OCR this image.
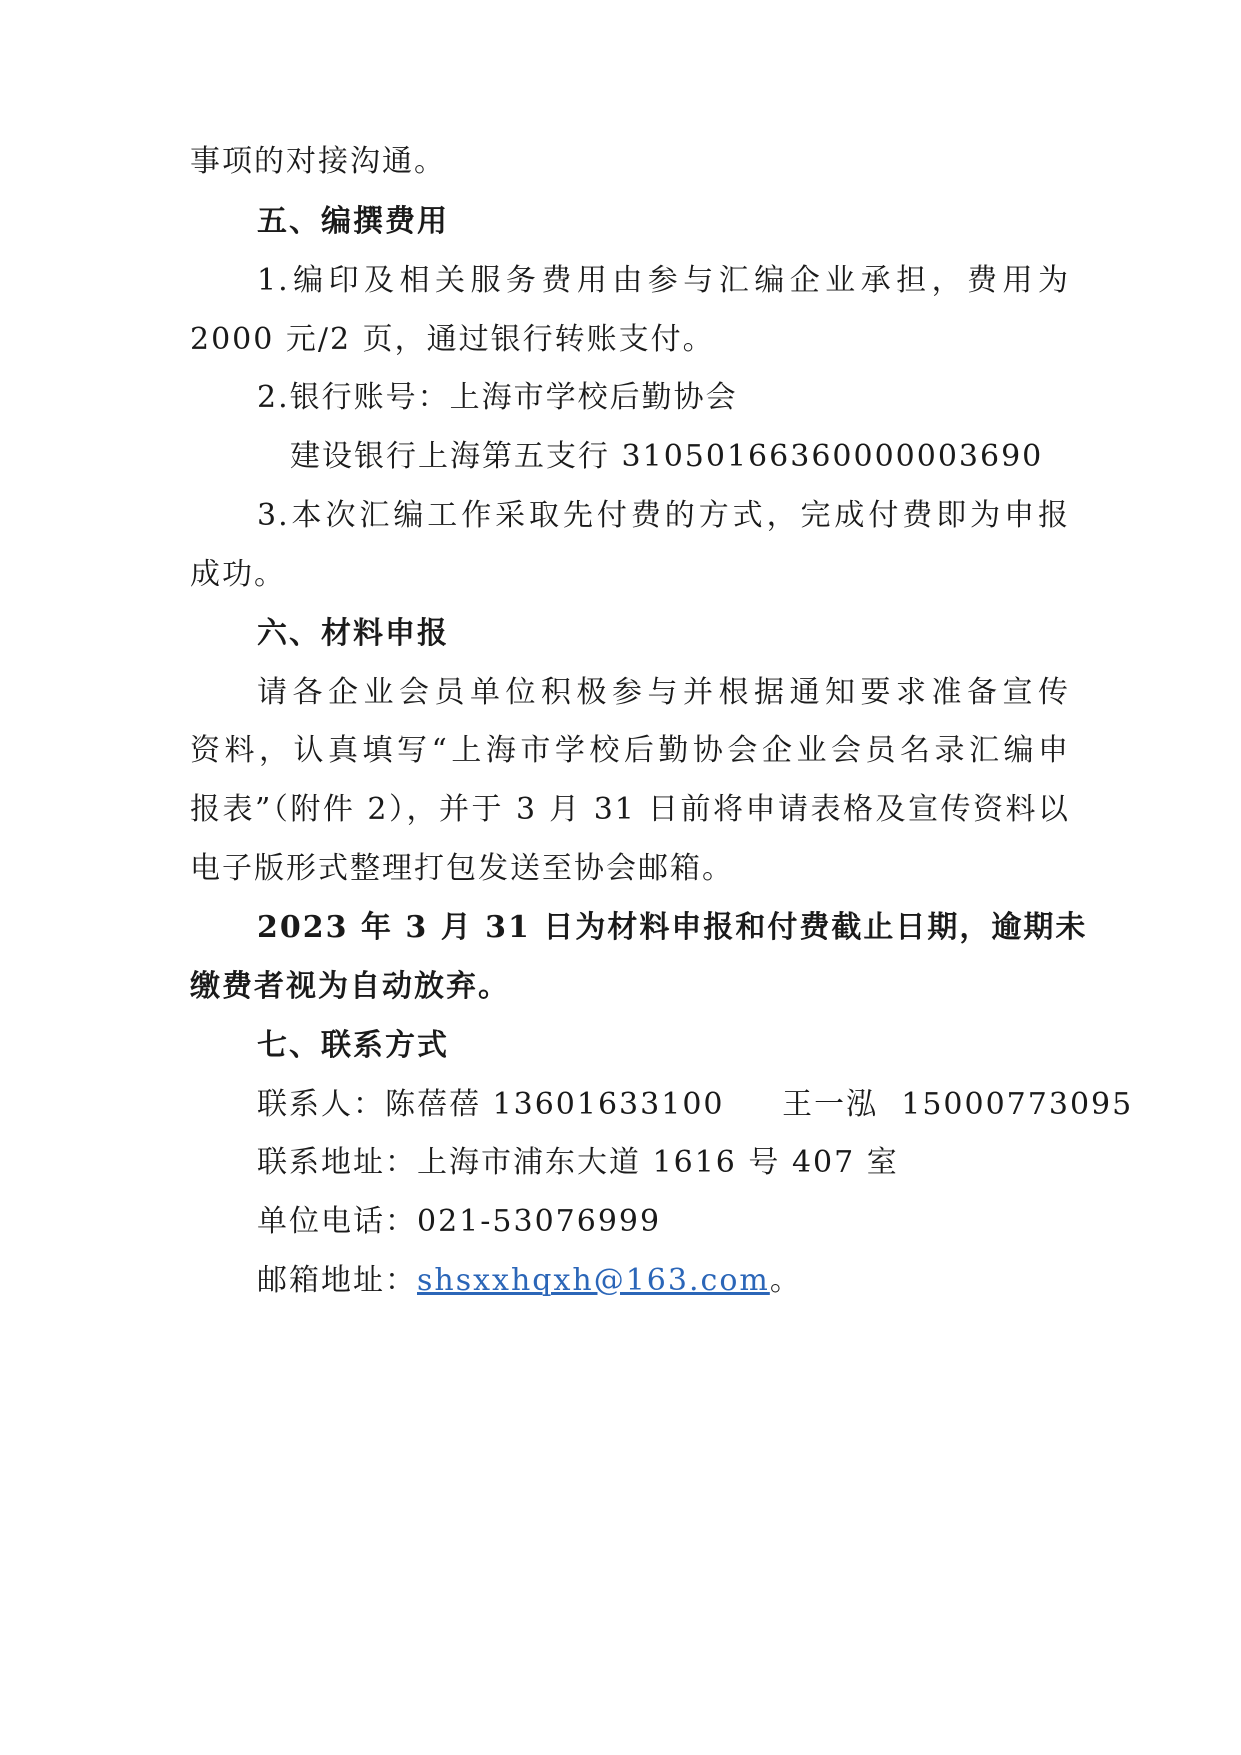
事项的对接沟通。
五、编撰费用
1.编印及相关服务费用由参与汇编企业承担，费用为
2000 元/2 页，通过银行转账支付。
2.银行账号：上海市学校后勤协会
建设银行上海第五支行 31050166360000003690
3.本次汇编工作采取先付费的方式，完成付费即为申报
成功。
六、材料申报
请各企业会员单位积极参与并根据通知要求准备宣传
资料，认真填写“上海市学校后勤协会企业会员名录汇编申
报表”（附件 2），并于 3 月 31 日前将申请表格及宣传资料以
电子版形式整理打包发送至协会邮箱。
2023 年 3 月 31 日为材料申报和付费截止日期，逾期未
缴费者视为自动放弃。
七、联系方式
联系人：陈蓓蓓 13601633100     王一泓  15000773095
联系地址：上海市浦东大道 1616 号 407 室
单位电话：021-53076999
邮箱地址：shsxxhqxh@163.com。
